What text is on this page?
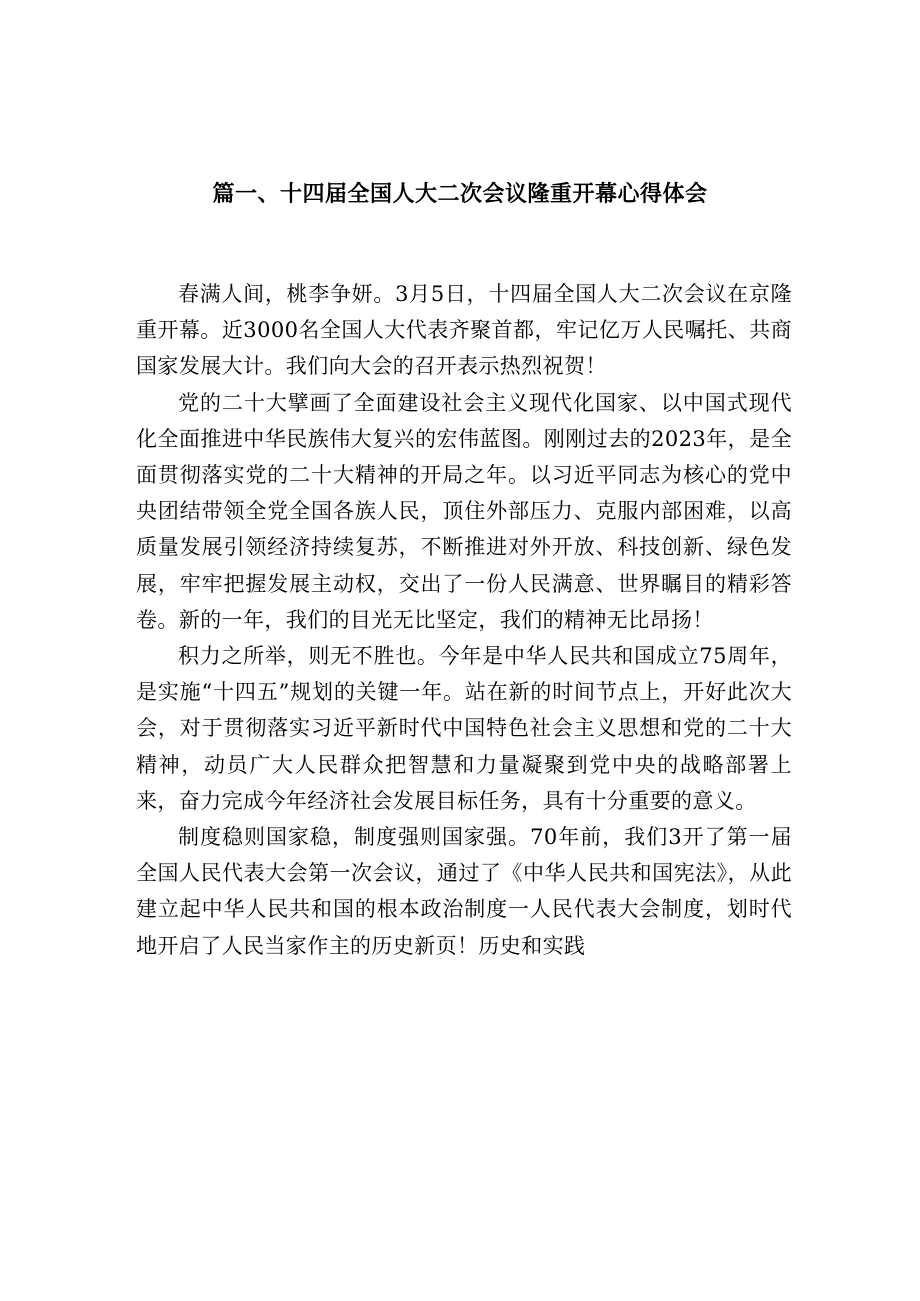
篇一、十四届全国人大二次会议隆重开幕心得体会

春满人间，桃李争妍。3月5日，十四届全国人大二次会议在京隆重开幕。近3000名全国人大代表齐聚首都，牢记亿万人民嘱托、共商国家发展大计。我们向大会的召开表示热烈祝贺！

党的二十大擘画了全面建设社会主义现代化国家、以中国式现代化全面推进中华民族伟大复兴的宏伟蓝图。刚刚过去的2023年，是全面贯彻落实党的二十大精神的开局之年。以习近平同志为核心的党中央团结带领全党全国各族人民，顶住外部压力、克服内部困难，以高质量发展引领经济持续复苏，不断推进对外开放、科技创新、绿色发展，牢牢把握发展主动权，交出了一份人民满意、世界瞩目的精彩答卷。新的一年，我们的目光无比坚定，我们的精神无比昂扬！

积力之所举，则无不胜也。今年是中华人民共和国成立75周年，是实施“十四五”规划的关键一年。站在新的时间节点上，开好此次大会，对于贯彻落实习近平新时代中国特色社会主义思想和党的二十大精神，动员广大人民群众把智慧和力量凝聚到党中央的战略部署上来，奋力完成今年经济社会发展目标任务，具有十分重要的意义。

制度稳则国家稳，制度强则国家强。70年前，我们3开了第一届全国人民代表大会第一次会议，通过了《中华人民共和国宪法》，从此建立起中华人民共和国的根本政治制度一人民代表大会制度，划时代地开启了人民当家作主的历史新页！历史和实践
